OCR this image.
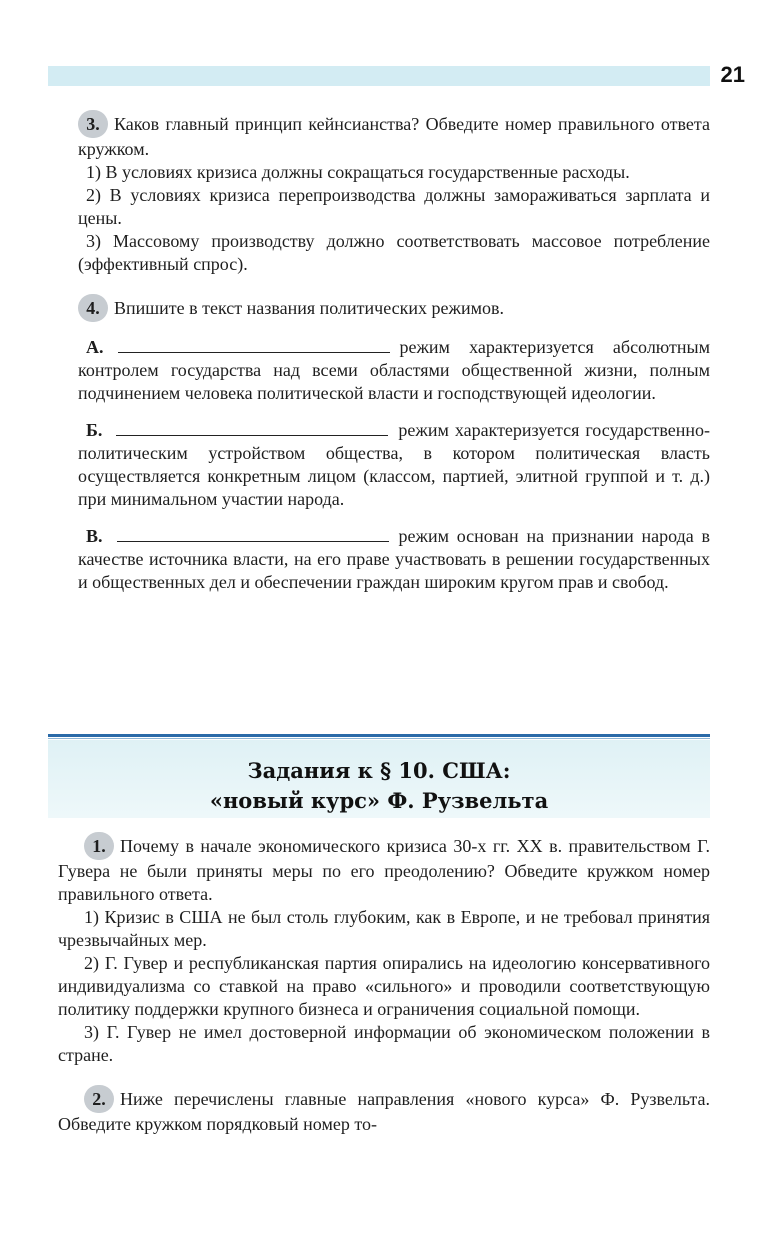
21

3. Каков главный принцип кейнсианства? Обведите номер правильного ответа кружком.

1) В условиях кризиса должны сокращаться государственные расходы.

2) В условиях кризиса перепроизводства должны замораживаться зарплата и цены.

3) Массовому производству должно соответствовать массовое потребление (эффективный спрос).

4. Впишите в текст названия политических режимов.

А.	режим характеризуется абсолютным контролем государства над всеми областями общественной жизни, полным подчинением человека политической власти и господствующей идеологии.

Б.	режим характеризуется государственно-политическим устройством общества, в котором политическая власть осуществляется конкретным лицом (классом, партией, элитной группой и т. д.) при минимальном участии народа.

В.	режим основан на признании народа в качестве источника власти, на его праве участвовать в решении государственных и общественных дел и обеспечении граждан широким кругом прав и свобод.

Задания к § 10. США:
«новый курс» Ф. Рузвельта

1. Почему в начале экономического кризиса 30-х гг. XX в. правительством Г. Гувера не были приняты меры по его преодолению? Обведите кружком номер правильного ответа.

1) Кризис в США не был столь глубоким, как в Европе, и не требовал принятия чрезвычайных мер.

2) Г. Гувер и республиканская партия опирались на идеологию консервативного индивидуализма со ставкой на право «сильного» и проводили соответствующую политику поддержки крупного бизнеса и ограничения социальной помощи.

3) Г. Гувер не имел достоверной информации об экономическом положении в стране.

2. Ниже перечислены главные направления «нового курса» Ф. Рузвельта. Обведите кружком порядковый номер то-
